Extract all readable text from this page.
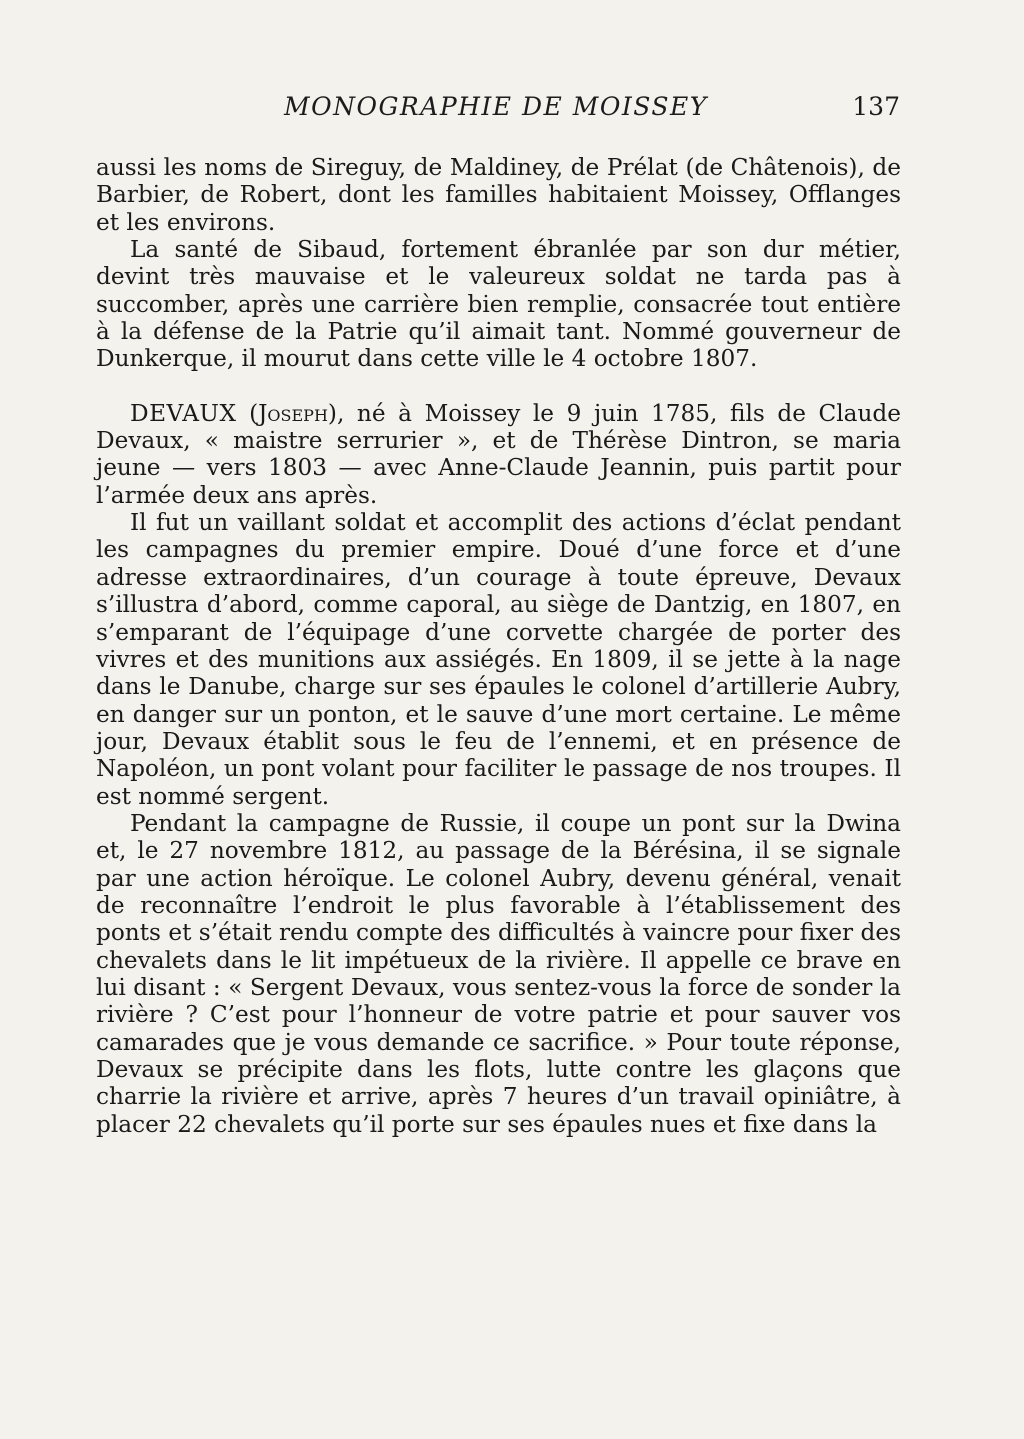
MONOGRAPHIE DE MOISSEY	137

aussi les noms de Sireguy, de Maldiney, de Prélat (de Châtenois), de Barbier, de Robert, dont les familles habitaient Moissey, Offlanges et les environs.

La santé de Sibaud, fortement ébranlée par son dur métier, devint très mauvaise et le valeureux soldat ne tarda pas à succomber, après une carrière bien remplie, consacrée tout entière à la défense de la Patrie qu’il aimait tant. Nommé gouverneur de Dunkerque, il mourut dans cette ville le 4 octobre 1807.

DEVAUX (Joseph), né à Moissey le 9 juin 1785, fils de Claude Devaux, « maistre serrurier », et de Thérèse Dintron, se maria jeune — vers 1803 — avec Anne-Claude Jeannin, puis partit pour l’armée deux ans après.

Il fut un vaillant soldat et accomplit des actions d’éclat pendant les campagnes du premier empire. Doué d’une force et d’une adresse extraordinaires, d’un courage à toute épreuve, Devaux s’illustra d’abord, comme caporal, au siège de Dantzig, en 1807, en s’emparant de l’équipage d’une corvette chargée de porter des vivres et des munitions aux assiégés. En 1809, il se jette à la nage dans le Danube, charge sur ses épaules le colonel d’artillerie Aubry, en danger sur un ponton, et le sauve d’une mort certaine. Le même jour, Devaux établit sous le feu de l’ennemi, et en présence de Napoléon, un pont volant pour faciliter le passage de nos troupes. Il est nommé sergent.

Pendant la campagne de Russie, il coupe un pont sur la Dwina et, le 27 novembre 1812, au passage de la Bérésina, il se signale par une action héroïque. Le colonel Aubry, devenu général, venait de reconnaître l’endroit le plus favorable à l’établissement des ponts et s’était rendu compte des difficultés à vaincre pour fixer des chevalets dans le lit impétueux de la rivière. Il appelle ce brave en lui disant : « Sergent Devaux, vous sentez-vous la force de sonder la rivière ? C’est pour l’honneur de votre patrie et pour sauver vos camarades que je vous demande ce sacrifice. » Pour toute réponse, Devaux se précipite dans les flots, lutte contre les glaçons que charrie la rivière et arrive, après 7 heures d’un travail opiniâtre, à placer 22 chevalets qu’il porte sur ses épaules nues et fixe dans la
